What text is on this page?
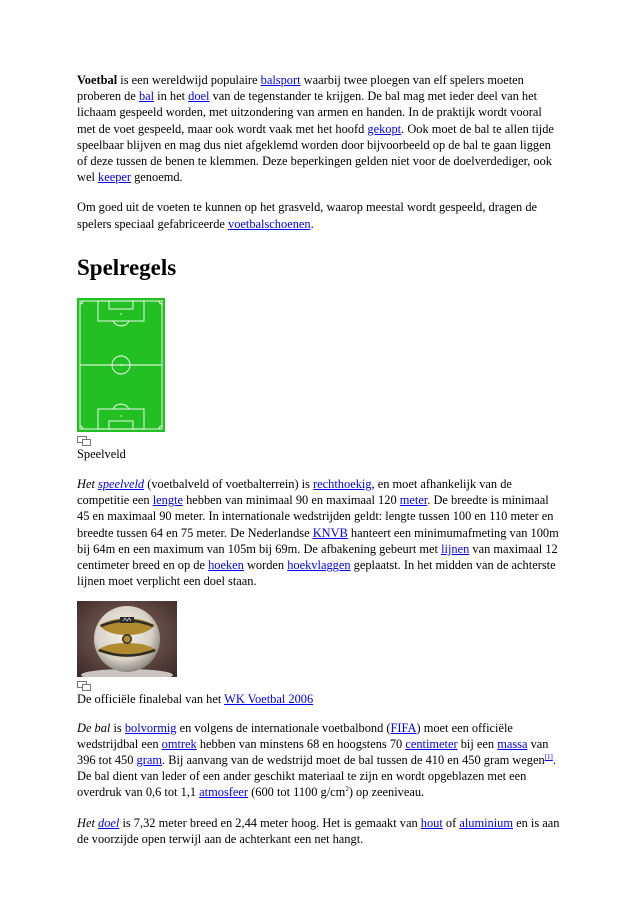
Voetbal is een wereldwijd populaire balsport waarbij twee ploegen van elf spelers moeten proberen de bal in het doel van de tegenstander te krijgen. De bal mag met ieder deel van het lichaam gespeeld worden, met uitzondering van armen en handen. In de praktijk wordt vooral met de voet gespeeld, maar ook wordt vaak met het hoofd gekopt. Ook moet de bal te allen tijde speelbaar blijven en mag dus niet afgeklemd worden door bijvoorbeeld op de bal te gaan liggen of deze tussen de benen te klemmen. Deze beperkingen gelden niet voor de doelverdediger, ook wel keeper genoemd.

Om goed uit de voeten te kunnen op het grasveld, waarop meestal wordt gespeeld, dragen de spelers speciaal gefabriceerde voetbalschoenen.

Spelregels

Speelveld

Het speelveld (voetbalveld of voetbalterrein) is rechthoekig, en moet afhankelijk van de competitie een lengte hebben van minimaal 90 en maximaal 120 meter. De breedte is minimaal 45 en maximaal 90 meter. In internationale wedstrijden geldt: lengte tussen 100 en 110 meter en breedte tussen 64 en 75 meter. De Nederlandse KNVB hanteert een minimumafmeting van 100m bij 64m en een maximum van 105m bij 69m. De afbakening gebeurt met lijnen van maximaal 12 centimeter breed en op de hoeken worden hoekvlaggen geplaatst. In het midden van de achterste lijnen moet verplicht een doel staan.

De officiële finalebal van het WK Voetbal 2006

De bal is bolvormig en volgens de internationale voetbalbond (FIFA) moet een officiële wedstrijdbal een omtrek hebben van minstens 68 en hoogstens 70 centimeter bij een massa van 396 tot 450 gram. Bij aanvang van de wedstrijd moet de bal tussen de 410 en 450 gram wegen[1]. De bal dient van leder of een ander geschikt materiaal te zijn en wordt opgeblazen met een overdruk van 0,6 tot 1,1 atmosfeer (600 tot 1100 $g/cm^2$) op zeeniveau.

Het doel is 7,32 meter breed en 2,44 meter hoog. Het is gemaakt van hout of aluminium en is aan de voorzijde open terwijl aan de achterkant een net hangt.
